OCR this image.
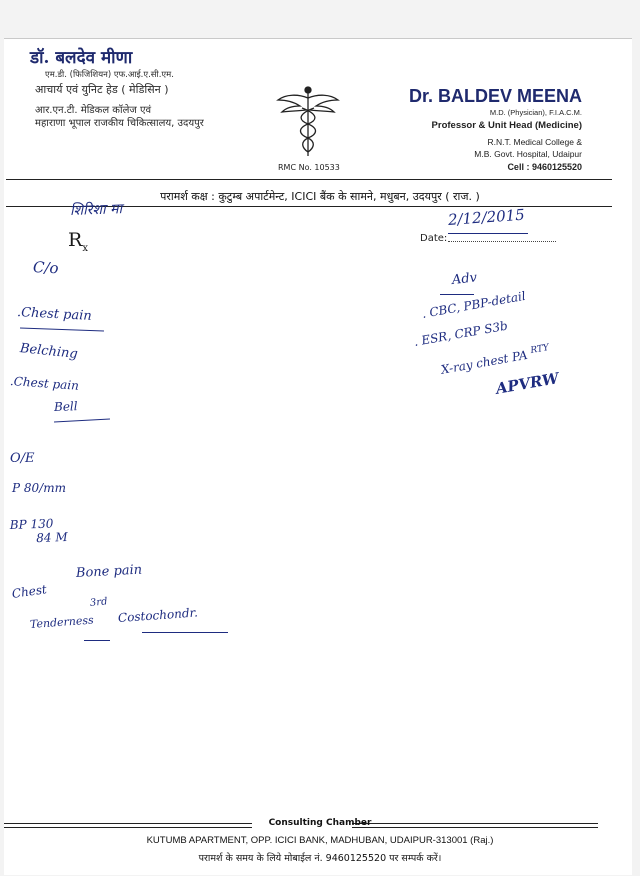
डॉ. बलदेव मीणा
एम.डी. (फिजिशियन) एफ.आई.ए.सी.एम.
आचार्य एवं युनिट हेड ( मेडिसिन )
आर.एन.टी. मेडिकल कॉलेज एवं
महाराणा भूपाल राजकीय चिकित्सालय, उदयपुर
RMC No. 10533
Dr. BALDEV MEENA
M.D. (Physician), F.I.A.C.M.
Professor & Unit Head (Medicine)
R.N.T. Medical College &
M.B. Govt. Hospital, Udaipur
Cell : 9460125520
परामर्श कक्ष : कुटुम्ब अपार्टमेन्ट, ICICI बैंक के सामने, मधुबन, उदयपुर ( राज. )
$R_x$
Date:
शिरिशा मा	2/12/2015
C/o
.Chest pain
Belching
.Chest pain
Bell
Adv
. CBC, PBP-detail
. ESR, CRP S3b
X-ray chest PA $^{RTY}$
APVRW
O/E
P 80/mm
BP 130
84 M
Bone pain
Chest
3rd
Tenderness Costochondr.
Consulting Chamber
KUTUMB APARTMENT, OPP. ICICI BANK, MADHUBAN, UDAIPUR-313001 (Raj.)
परामर्श के समय के लिये मोबाईल नं. 9460125520 पर सम्पर्क करें।
